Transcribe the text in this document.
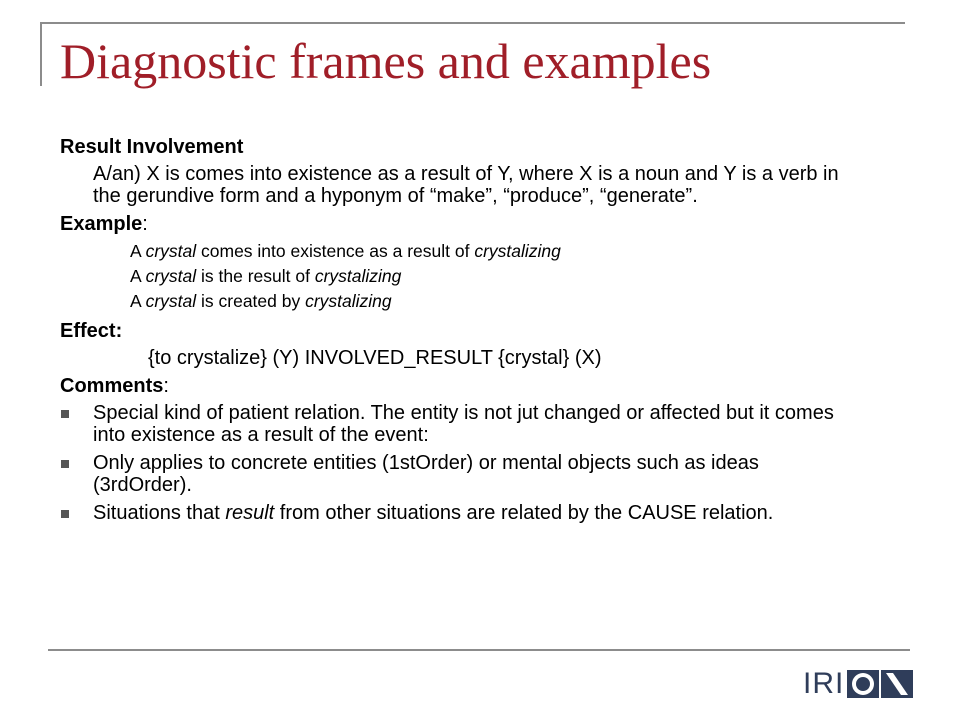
Diagnostic frames and examples
Result Involvement
A/an) X is comes into existence as a result of Y, where X is a noun and Y is a verb in the gerundive form and a hyponym of “make”, “produce”, “generate”.
Example:
A crystal comes into existence as a result of crystalizing
A crystal is the result of crystalizing
A crystal is created by crystalizing
Effect:
{to crystalize} (Y) INVOLVED_RESULT {crystal} (X)
Comments:
Special kind of patient relation. The entity is not jut changed or affected but it comes into existence as a result of the event:
Only applies to concrete entities (1stOrder) or mental objects such as ideas (3rdOrder).
Situations that result from other situations are related by the CAUSE relation.
IRI
